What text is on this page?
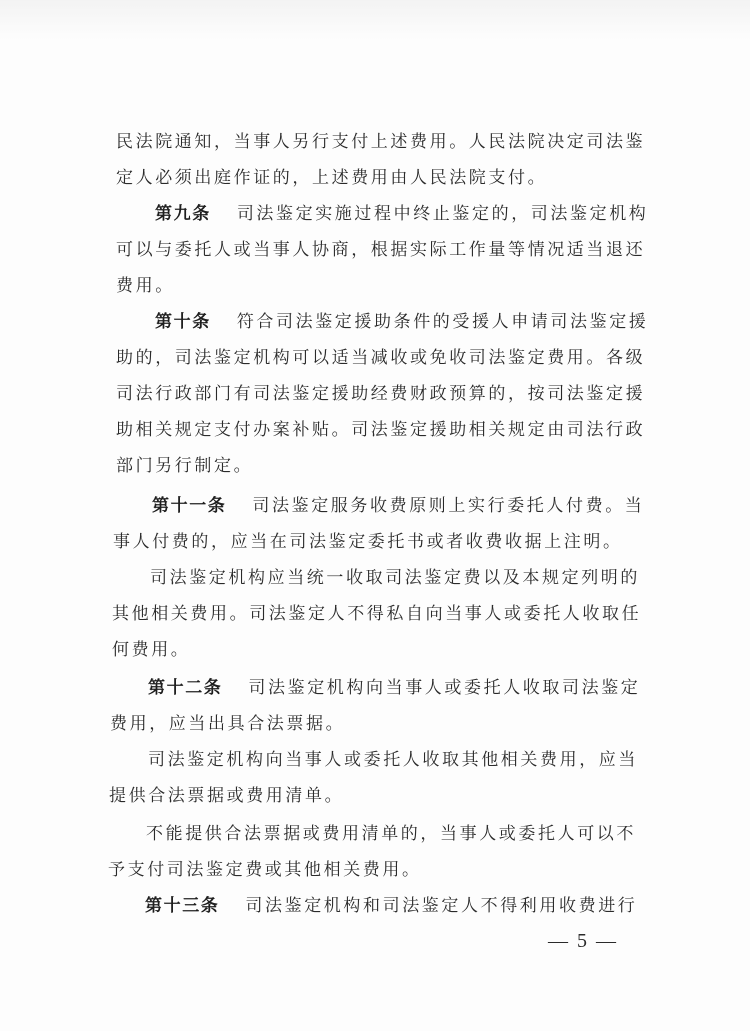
民法院通知，当事人另行支付上述费用。人民法院决定司法鉴
定人必须出庭作证的，上述费用由人民法院支付。
第九条 司法鉴定实施过程中终止鉴定的，司法鉴定机构
可以与委托人或当事人协商，根据实际工作量等情况适当退还
费用。
第十条 符合司法鉴定援助条件的受援人申请司法鉴定援
助的，司法鉴定机构可以适当减收或免收司法鉴定费用。各级
司法行政部门有司法鉴定援助经费财政预算的，按司法鉴定援
助相关规定支付办案补贴。司法鉴定援助相关规定由司法行政
部门另行制定。
第十一条 司法鉴定服务收费原则上实行委托人付费。当
事人付费的，应当在司法鉴定委托书或者收费收据上注明。
司法鉴定机构应当统一收取司法鉴定费以及本规定列明的
其他相关费用。司法鉴定人不得私自向当事人或委托人收取任
何费用。
第十二条 司法鉴定机构向当事人或委托人收取司法鉴定
费用，应当出具合法票据。
司法鉴定机构向当事人或委托人收取其他相关费用，应当
提供合法票据或费用清单。
不能提供合法票据或费用清单的，当事人或委托人可以不
予支付司法鉴定费或其他相关费用。
第十三条 司法鉴定机构和司法鉴定人不得利用收费进行
— 5 —
